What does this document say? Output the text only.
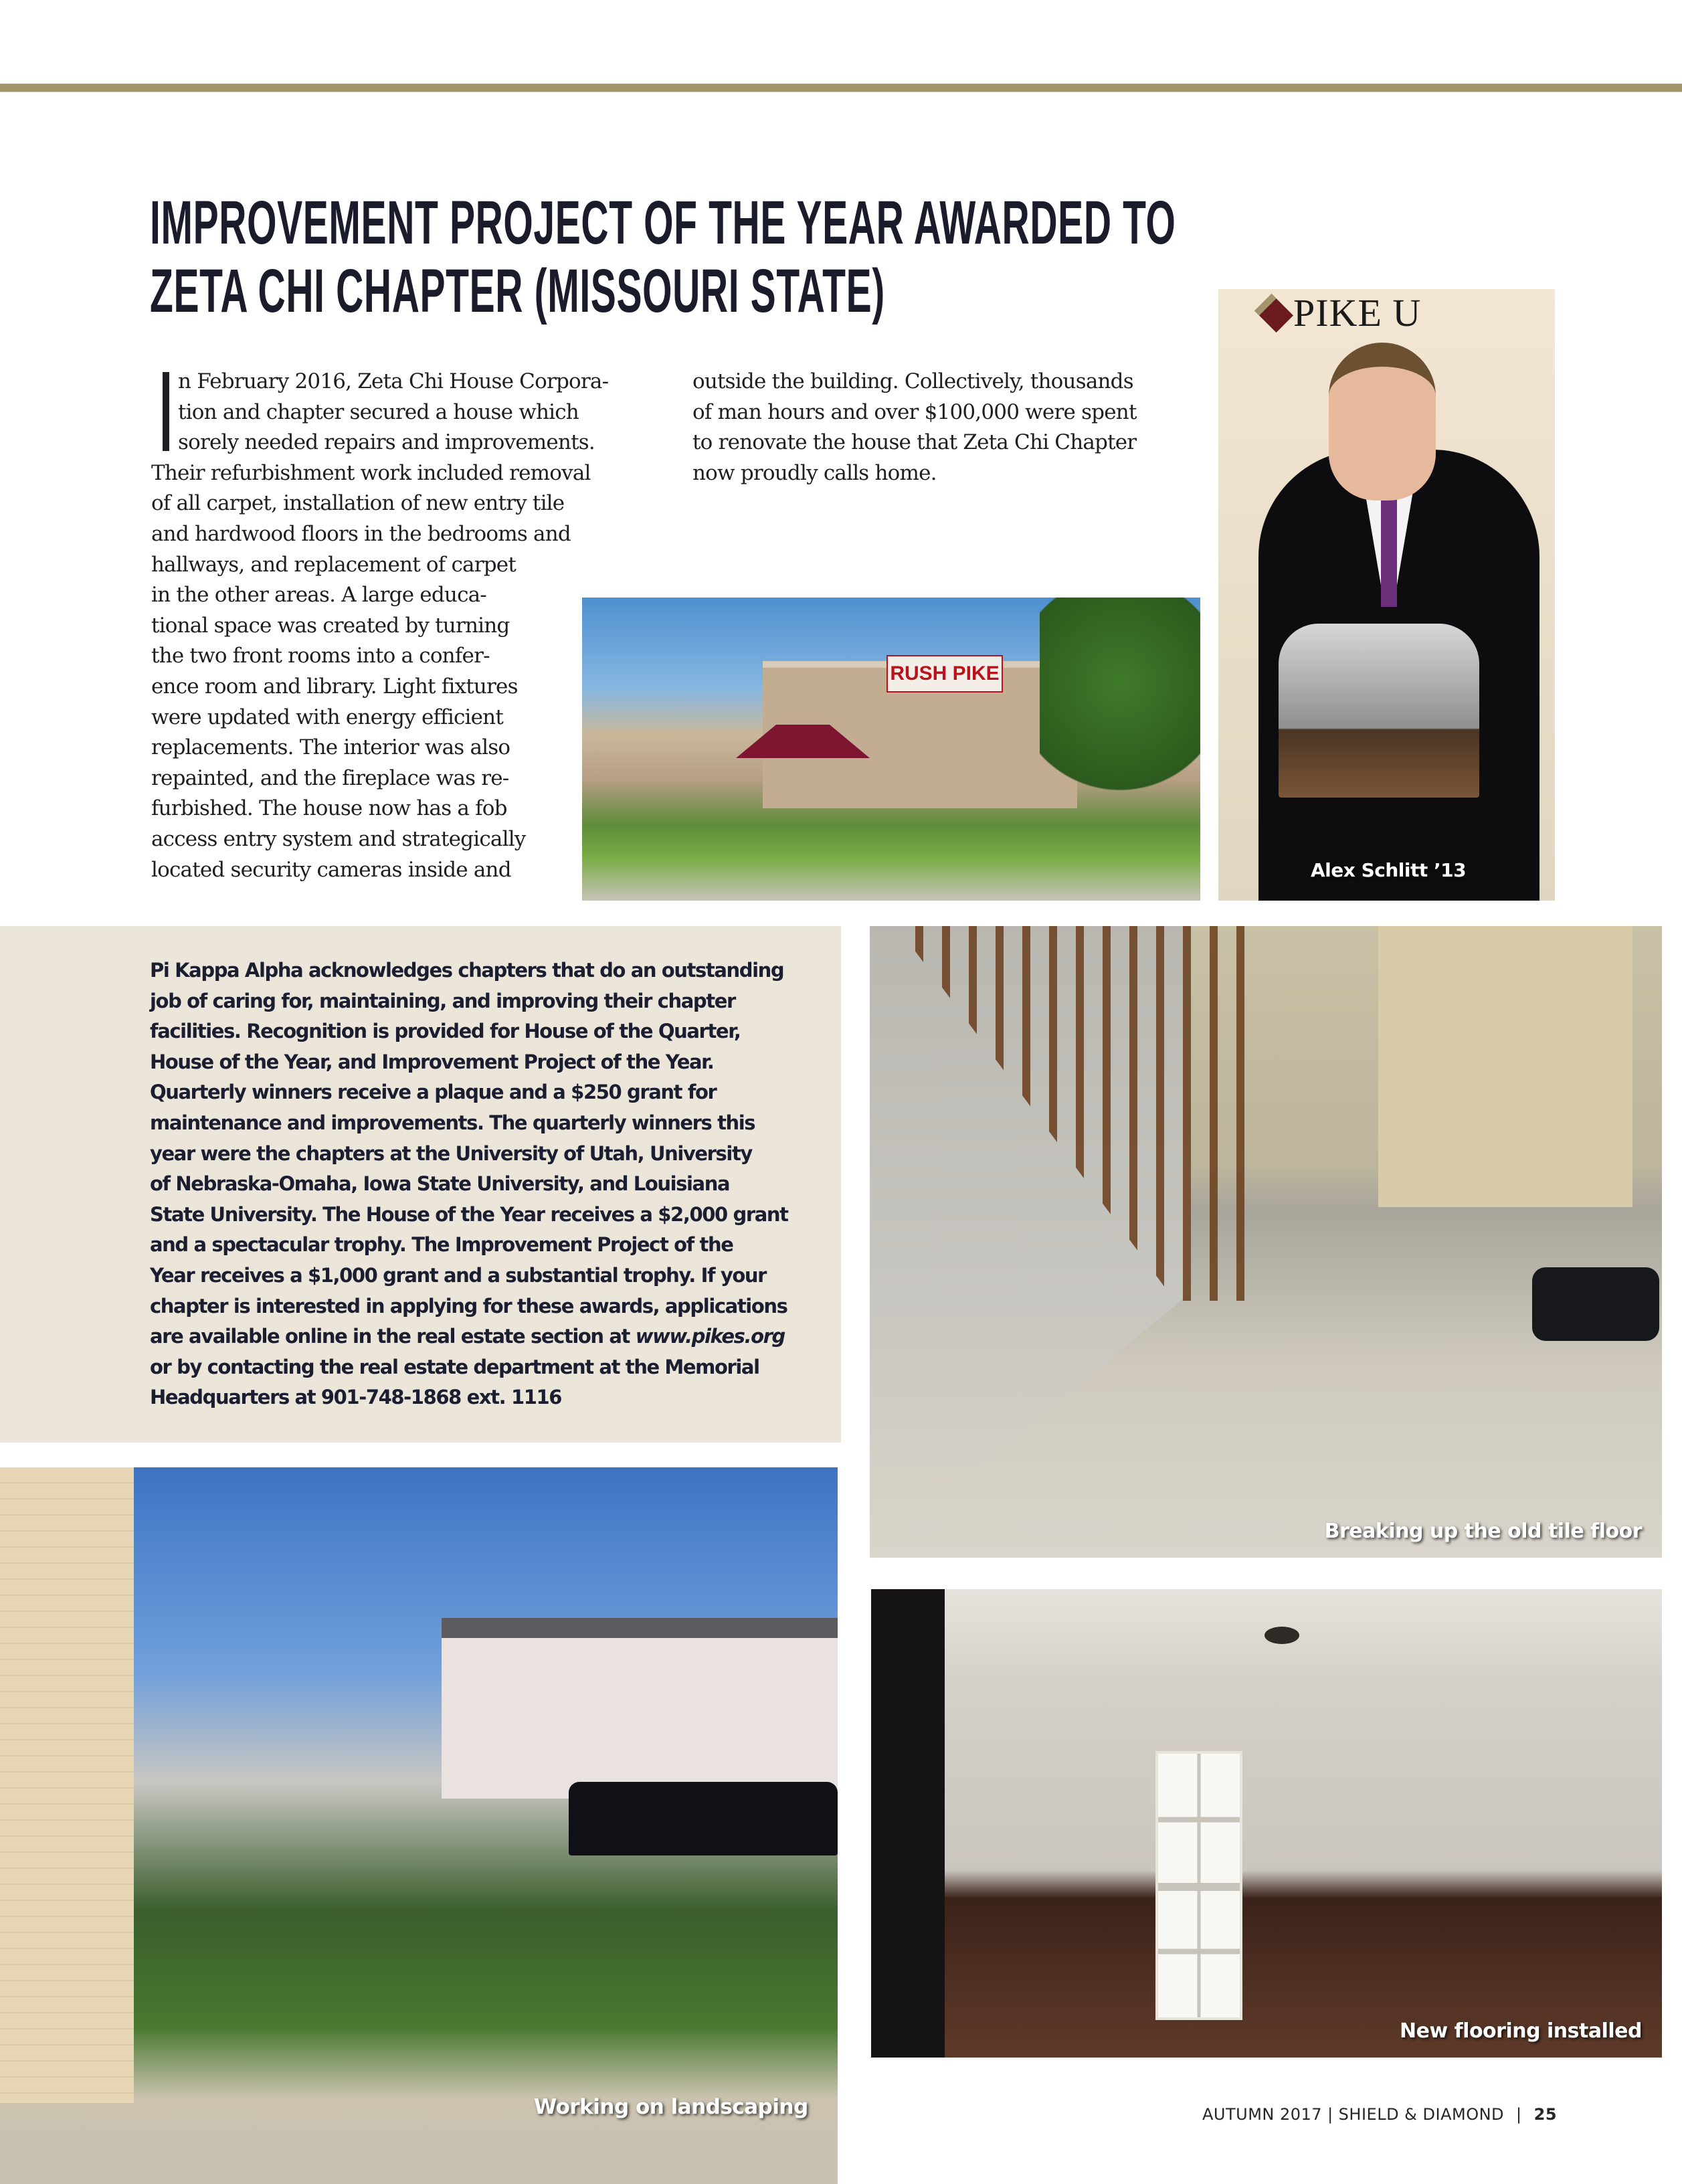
IMPROVEMENT PROJECT OF THE YEAR AWARDED TO
ZETA CHI CHAPTER (MISSOURI STATE)
n February 2016, Zeta Chi House Corpora-
tion and chapter secured a house which
sorely needed repairs and improvements.
Their refurbishment work included removal
of all carpet, installation of new entry tile
and hardwood floors in the bedrooms and
hallways, and replacement of carpet
in the other areas. A large educa-
tional space was created by turning
the two front rooms into a confer-
ence room and library. Light fixtures
were updated with energy efficient
replacements. The interior was also
repainted, and the fireplace was re-
furbished. The house now has a fob
access entry system and strategically
located security cameras inside and
outside the building. Collectively, thousands
of man hours and over $100,000 were spent
to renovate the house that Zeta Chi Chapter
now proudly calls home.
RUSH PIKE
PIKE U
Alex Schlitt ’13
Pi Kappa Alpha acknowledges chapters that do an outstanding
job of caring for, maintaining, and improving their chapter
facilities. Recognition is provided for House of the Quarter,
House of the Year, and Improvement Project of the Year.
Quarterly winners receive a plaque and a $250 grant for
maintenance and improvements. The quarterly winners this
year were the chapters at the University of Utah, University
of Nebraska-Omaha, Iowa State University, and Louisiana
State University. The House of the Year receives a $2,000 grant
and a spectacular trophy. The Improvement Project of the
Year receives a $1,000 grant and a substantial trophy. If your
chapter is interested in applying for these awards, applications
are available online in the real estate section at www.pikes.org
or by contacting the real estate department at the Memorial
Headquarters at 901-748-1868 ext. 1116
Breaking up the old tile floor
Working on landscaping
New flooring installed
AUTUMN 2017 | SHIELD & DIAMOND | 25
